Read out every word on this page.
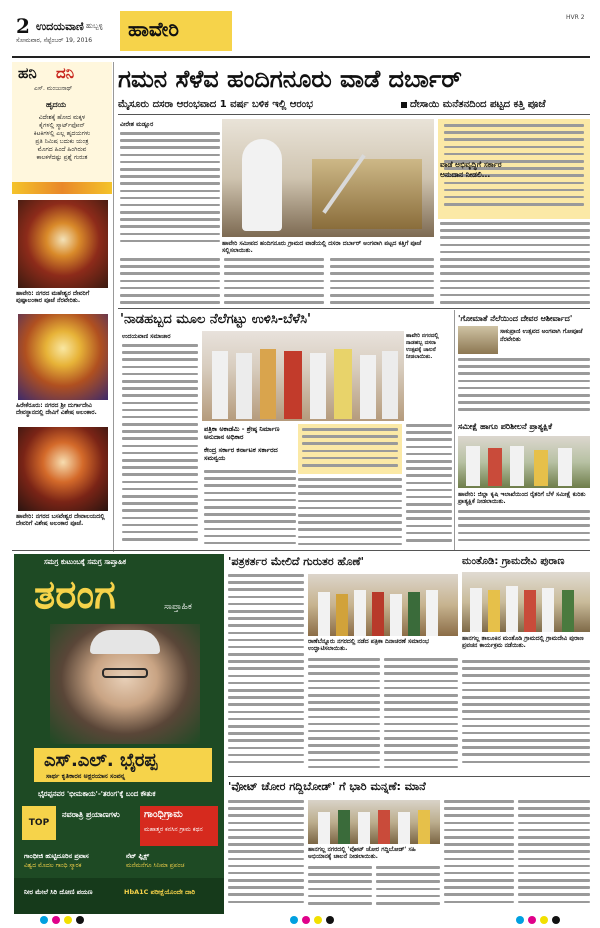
2 ಉದಯವಾಣಿ ಹುಬ್ಬಳ್ಳಿ
ಸೋಮವಾರ, ಸೆಪ್ಟೆಂಬರ್ 19, 2016 ಹಾವೇರಿ	HVR 2
ಹನಿ ದನಿ
ಎಸ್. ಮಂಜುನಾಥ್
ಹೃದಯ
ವಿದೇಶಕ್ಕೆ ಹೋದ ಮಕ್ಕಳ
ಕೈಗಳಲ್ಲಿ ಸ್ಮಾರ್ಟ್‌ಫೋನ್
ಕಿಟಕಿಗಳಲ್ಲಿ ಎಲ್ಲ ಹೃದಯಗಳು
ಪ್ರತಿ ನಿಮಿಷ ಬದುಕು ಯಂತ್ರ
ಮೊಗದ ಹಿಂದೆ ಹಿಂಗಿರುವ
ಕಾಲಕಳೆದಷ್ಟು ಪ್ರಶ್ನೆ ಗುರುತ
ಹಾವೇರಿ: ನಗರದ ಮಹೇಶ್ವರ ದೇವರಿಗೆ ಪುಷ್ಪಾಲಂಕಾರ ಪೂಜೆ ನೆರವೇರಿತು.
ಹಿರೇಕೆರೂರು: ನಗರದ ಶ್ರೀ ದುರ್ಗಾದೇವಿ ದೇವಸ್ಥಾನದಲ್ಲಿ ದೇವಿಗೆ ವಿಶೇಷ ಅಲಂಕಾರ.
ಹಾವೇರಿ: ನಗರದ ಬಸವೇಶ್ವರ ದೇವಾಲಯದಲ್ಲಿ ದೇವರಿಗೆ ವಿಶೇಷ ಅಲಂಕಾರ ಪೂಜೆ.
ಗಮನ ಸೆಳೆವ ಹಂದಿಗನೂರು ವಾಡೆ ದರ್ಬಾರ್
ಮೈಸೂರು ದಸರಾ ಆರಂಭವಾದ 1 ವರ್ಷ ಬಳಿಕ ಇಲ್ಲಿ ಆರಂಭ	ದೇಸಾಯಿ ಮನೆತನದಿಂದ ಪಟ್ಟದ ಕತ್ತಿ ಪೂಜೆ
ವೀರೇಶ ಮಡ್ಲೂರ
ಹಾವೇರಿ ಸಮೀಪದ ಹಂದಿಗನೂರು ಗ್ರಾಮದ ವಾಡೆಯಲ್ಲಿ ದಸರಾ ದರ್ಬಾರ್ ಅಂಗವಾಗಿ ಪಟ್ಟದ ಕತ್ತಿಗೆ ಪೂಜೆ ಸಲ್ಲಿಸಲಾಯಿತು.
ವಾಡೆ ಅಭಿವೃದ್ಧಿಗೆ ಸರ್ಕಾರ ಅನುದಾನ ನೀಡಲಿ...
'ನಾಡಹಬ್ಬದ ಮೂಲ ನೆಲೆಗಟ್ಟು ಉಳಿಸಿ-ಬೆಳೆಸಿ'
ಉದಯವಾಣಿ ಸಮಾಚಾರ	ಹಾವೇರಿ ನಗರದಲ್ಲಿ ನಾಡಹಬ್ಬ ದಸರಾ ಉತ್ಸವಕ್ಕೆ ಚಾಲನೆ ನೀಡಲಾಯಿತು.
ಪತ್ರಿಕಾ ಅಕಾಡೆಮಿ - ಶ್ರೇಷ್ಠ ನಿರ್ಮಾಣ ಅನುದಾನ ಅಧಿಕಾರ
ಕೇಂದ್ರ ಸರ್ಕಾರ ಕರ್ನಾಟಕ ಸರ್ಕಾರದ ಸಮನ್ವಯ
'ಗೋಮಾತೆ ನೆಲೆಯಿಂದ ದೇವರ ಆಶೀರ್ವಾದ'
ಸಾಕುಪ್ರಾಣಿ ಉತ್ಸವದ ಅಂಗವಾಗಿ ಗೋಪೂಜೆ ನೆರವೇರಿತು
ಸಮೀಕ್ಷೆ ಹಾಗೂ ಪರಿಶೀಲನೆ ಪ್ರಾತ್ಯಕ್ಷಿಕೆ
ಹಾವೇರಿ: ಜಿಲ್ಲಾ ಕೃಷಿ ಇಲಾಖೆಯಿಂದ ರೈತರಿಗೆ ಬೆಳೆ ಸಮೀಕ್ಷೆ ಕುರಿತು ಪ್ರಾತ್ಯಕ್ಷಿಕೆ ನೀಡಲಾಯಿತು.
ಸಮಗ್ರ ಕುಟುಂಬಕ್ಕೆ ಸಮಗ್ರ ಸಾಪ್ತಾಹಿಕ
ತರಂಗ	ಸಾಪ್ತಾಹಿಕ
ಎಸ್.ಎಲ್. ಭೈರಪ್ಪ
ಸಾರ್ಥ ಕೃತಿಕಾರನ ಅಕ್ಷರಯಾನ ಸಂಪನ್ನ
ಭೈರಪ್ಪನವರ 'ಭೀಮಕಾಯ'-'ತರಂಗ'ಕ್ಕೆ ಬಂದ ಕೌತುಕ
TOP
ನವರಾತ್ರಿ ಪ್ರಯಾಣಗಳು	ಗಾಂಧಿಗ್ರಾಮ
ಮಹಾತ್ಮರ ಕನಸಿನ ಗ್ರಾಮ ಕಥನ
ಗಾಂಧೀಜಿ ಹುಟ್ಟಿದೂರಿನ ಪ್ರವಾಸ
ವಿಶ್ವದ ಮೊದಲ ಗಾಂಧಿ ಸ್ಮಾರಕ
ನೆಟ್ ಫ್ಲಿಕ್ಸ್
ಮನೆಮನೆಗೂ ಸಿನಿಮಾ ಪ್ರಪಂಚ
ನೀರ ಮೇಲೆ ಸಿರಿ ದೋಣಿ ಪಯಣ	HbA1C ಪರೀಕ್ಷೆಯೊಂದೇ ದಾರಿ
'ಪತ್ರಕರ್ತರ ಮೇಲಿದೆ ಗುರುತರ ಹೊಣೆ'
ರಾಣೆಬೆನ್ನೂರು ನಗರದಲ್ಲಿ ನಡೆದ ಪತ್ರಿಕಾ ದಿನಾಚರಣೆ ಸಮಾರಂಭ ಉದ್ಘಾಟಿಸಲಾಯಿತು.
ಮಂತೊಡಿ: ಗ್ರಾಮದೇವಿ ಪುರಾಣ
ಹಾನಗಲ್ಲ ತಾಲೂಕಿನ ಮಂತೊಡಿ ಗ್ರಾಮದಲ್ಲಿ ಗ್ರಾಮದೇವಿ ಪುರಾಣ ಪ್ರವಚನ ಕಾರ್ಯಕ್ರಮ ನಡೆಯಿತು.
'ವೋಟ್ ಚೋರ ಗದ್ದಿಬೋಡ್' ಗೆ ಭಾರಿ ಮನ್ನಣೆ: ಮಾನೆ
ಹಾನಗಲ್ಲ ನಗರದಲ್ಲಿ 'ವೋಟ್ ಚೋರ ಗದ್ದಿಬೋಡ್' ಸಹಿ ಅಭಿಯಾನಕ್ಕೆ ಚಾಲನೆ ನೀಡಲಾಯಿತು.
